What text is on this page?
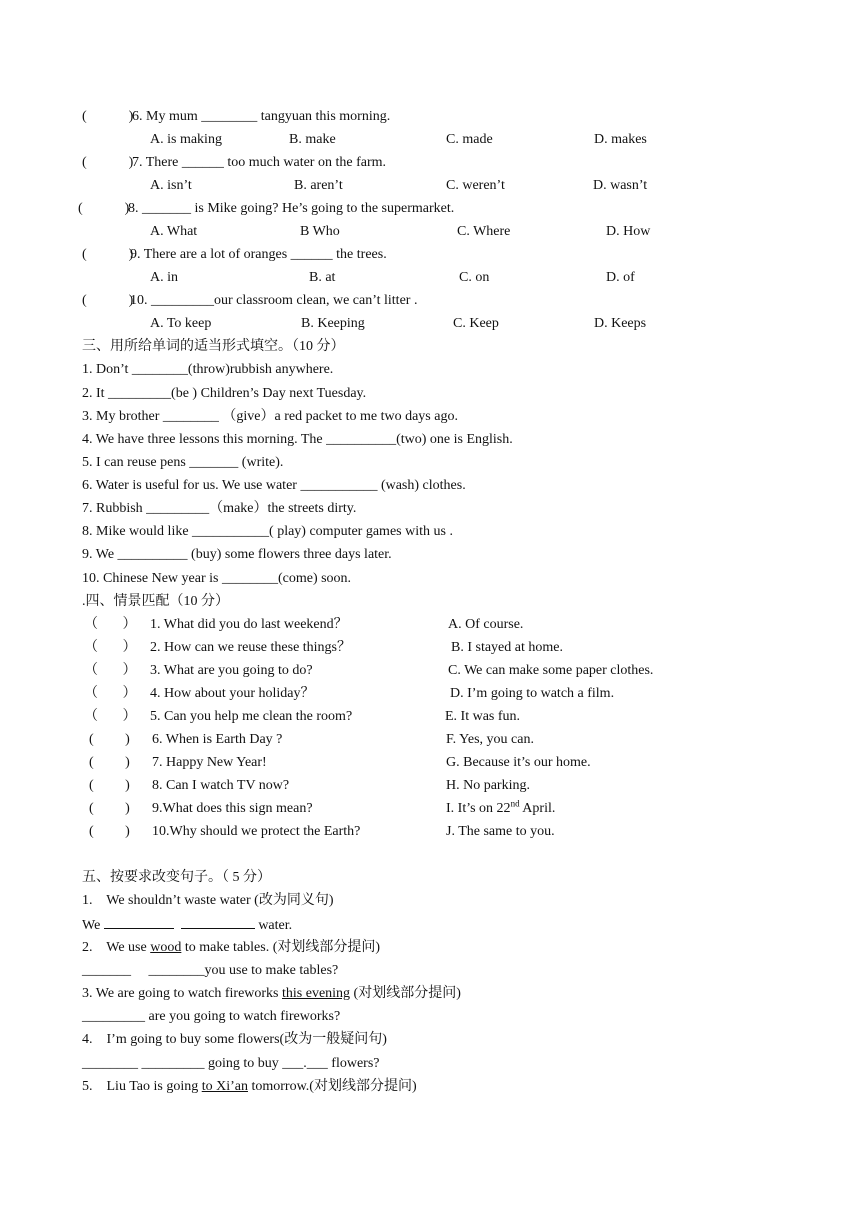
(            )
6. My mum ________ tangyuan this morning.
A. is making	B. make	C. made	D. makes
(            )
7. There ______ too much water on the farm.
A. isn’t	B. aren’t	C. weren’t	D. wasn’t
(            )
8. _______ is Mike going? He’s going to the supermarket.
A. What	B Who	C. Where	D. How
(            )
9. There are a lot of oranges ______ the trees.
A. in	B. at	C. on	D. of
(            )
10. _________our classroom clean, we can’t litter .
A. To keep	B. Keeping	C. Keep	D. Keeps
三、用所给单词的适当形式填空。（10 分）
1. Don’t ________(throw)rubbish anywhere.
2. It _________(be ) Children’s Day next Tuesday.
3. My brother ________ （give）a red packet to me two days ago.
4. We have three lessons this morning. The __________(two) one is English.
5. I can reuse pens _______ (write).
6. Water is useful for us. We use water ___________ (wash) clothes.
7. Rubbish _________（make）the streets dirty.
8. Mike would like ___________( play) computer games with us .
9. We __________ (buy) some flowers three days later.
10. Chinese New year is ________(come) soon.
.四、情景匹配（10 分）
（       ） 1. What did you do last weekend？	A. Of course.
（       ） 2. How can we reuse these things？	B. I stayed at home.
（       ） 3. What are you going to do?	C. We can make some paper clothes.
（       ） 4. How about your holiday？	D. I’m going to watch a film.
（       ） 5. Can you help me clean the room?	E. It was fun.
(         ) 6. When is Earth Day ?	F. Yes, you can.
(         ) 7. Happy New Year!	G. Because it’s our home.
(         ) 8. Can I watch TV now?	H. No parking.
(         ) 9.What does this sign mean?	I. It’s on 22nd April.
(         ) 10.Why should we protect the Earth?	J. The same to you.
五、按要求改变句子。（ 5 分）
1.    We shouldn’t waste water (改为同义句)
We	water.
2.    We use wood to make tables. (对划线部分提问)
_______     ________you use to make tables?
3. We are going to watch fireworks this evening (对划线部分提问)
_________ are you going to watch fireworks?
4.    I’m going to buy some flowers(改为一般疑问句)
________ _________ going to buy ___.___ flowers?
5.    Liu Tao is going to Xi’an tomorrow.(对划线部分提问)
